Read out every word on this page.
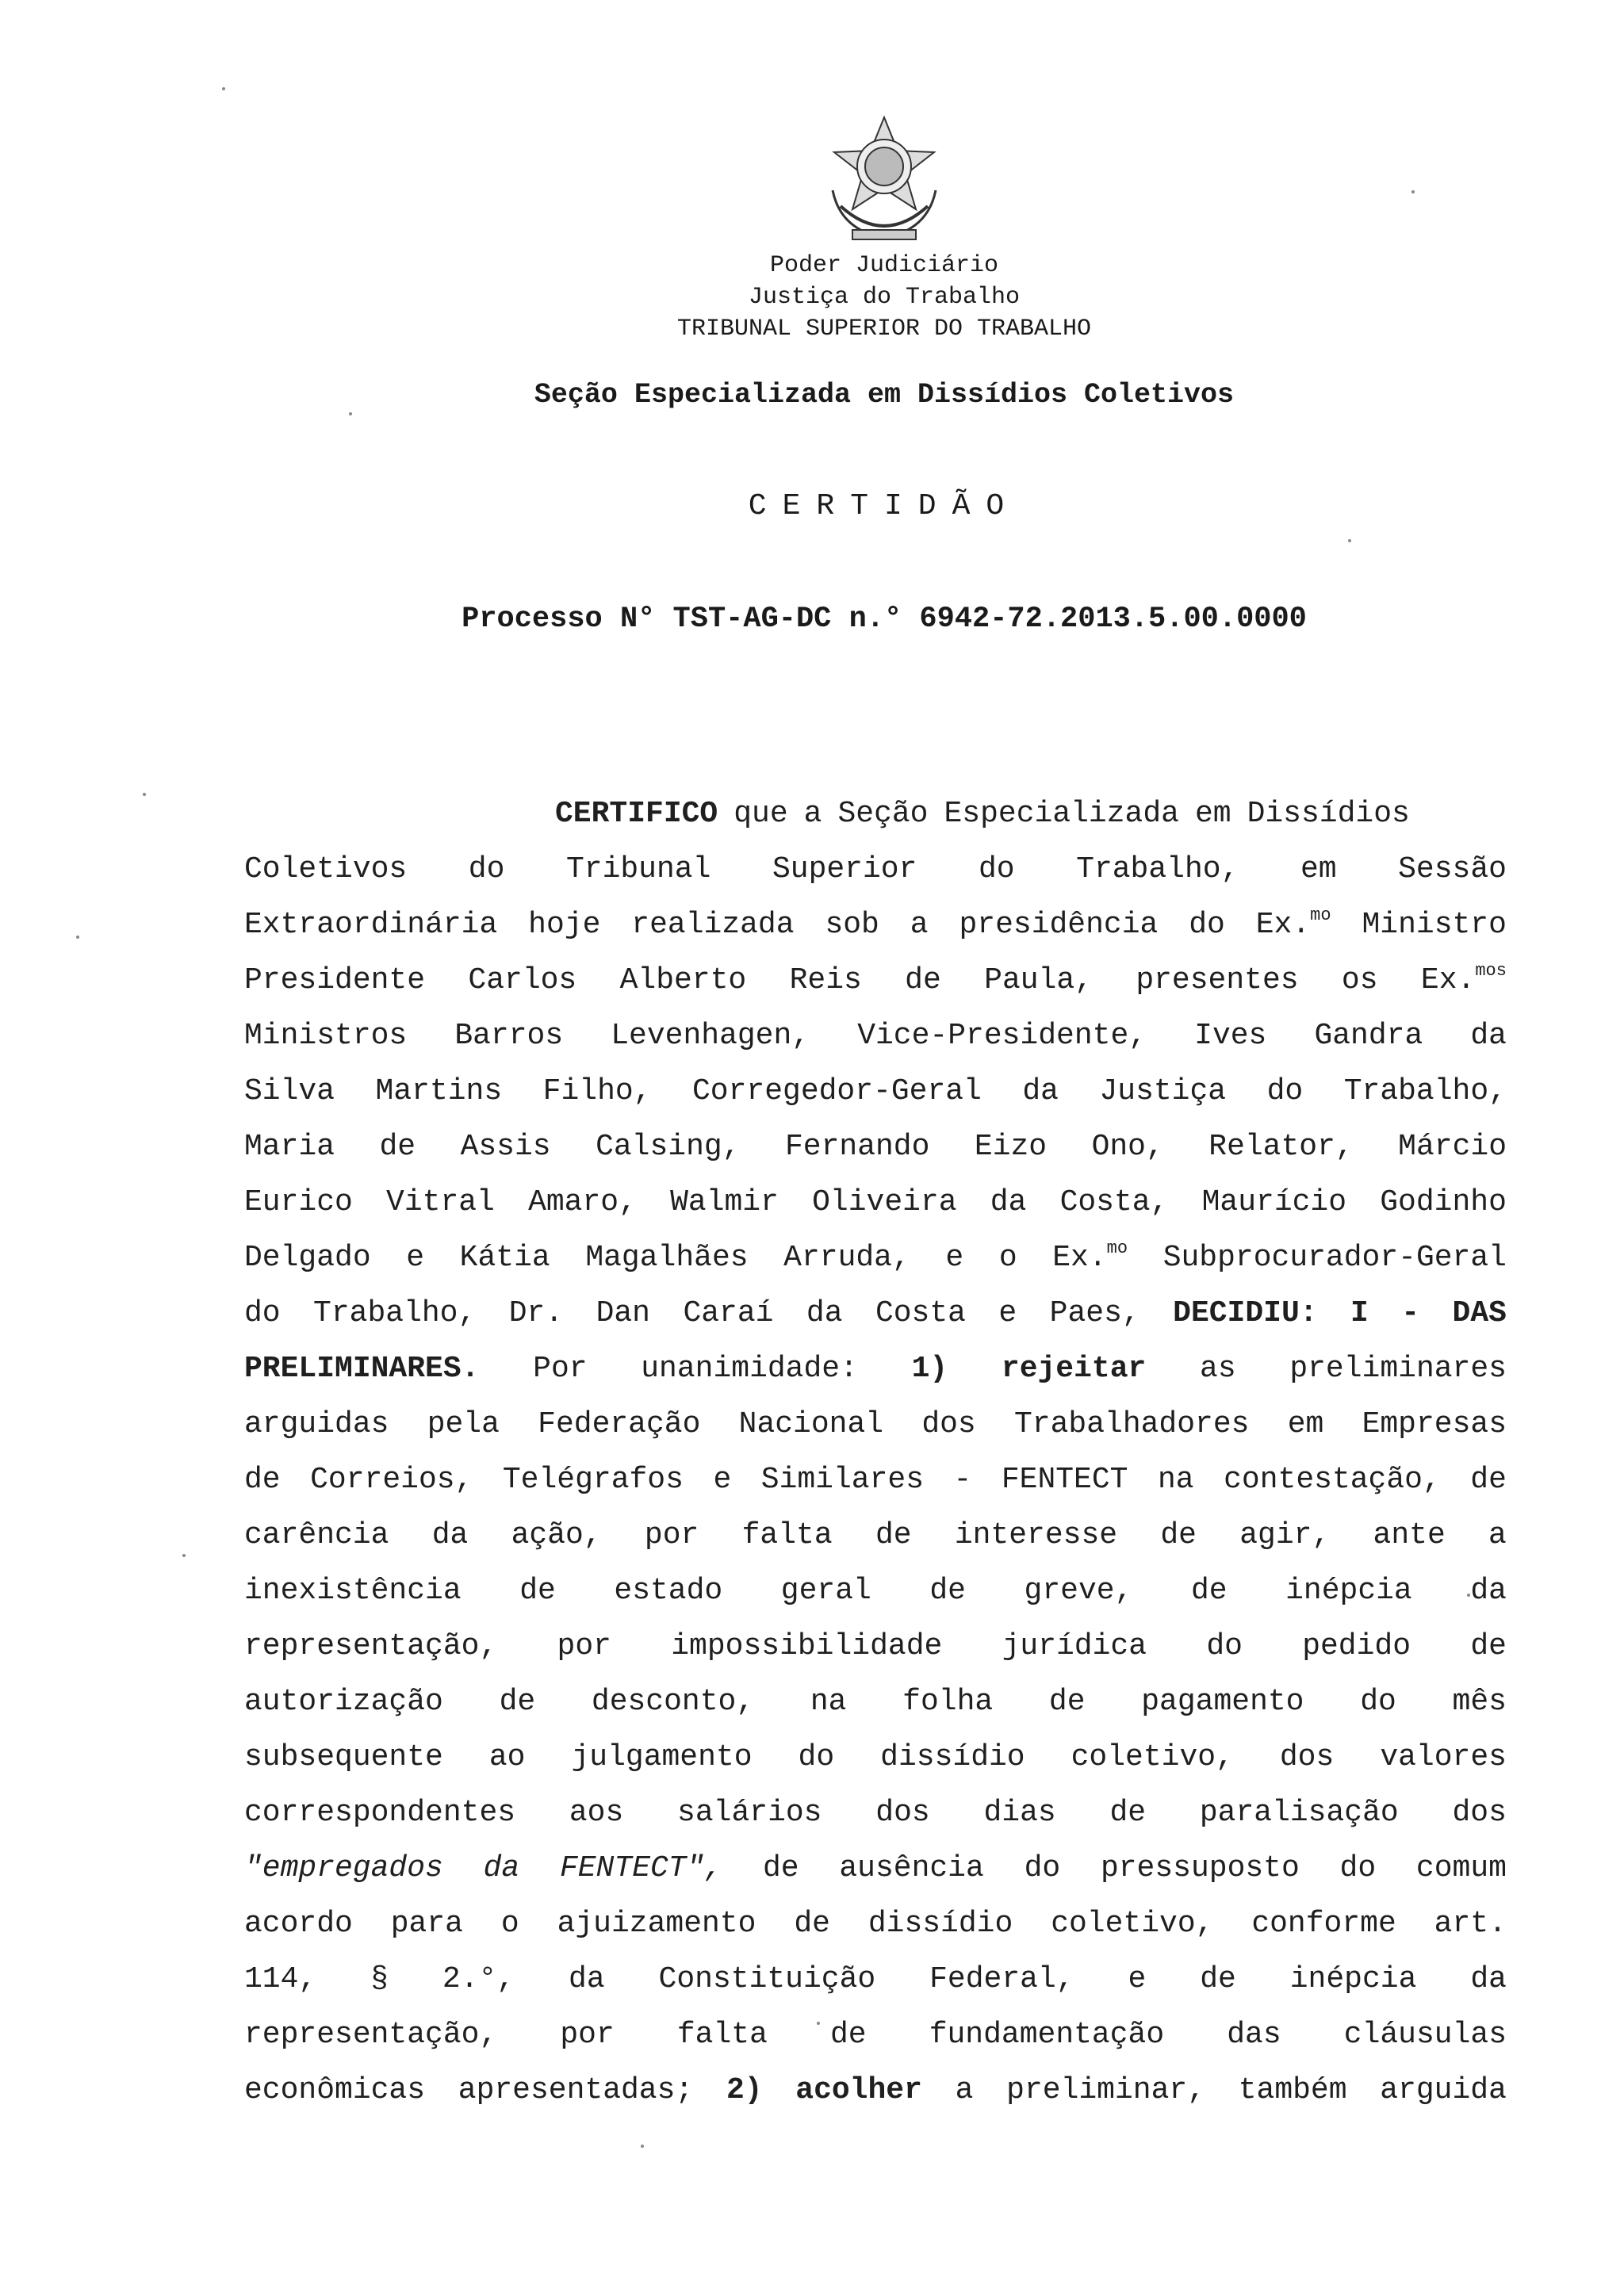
Poder Judiciário
Justiça do Trabalho
TRIBUNAL SUPERIOR DO TRABALHO
Seção Especializada em Dissídios Coletivos
CERTIDÃO
Processo N° TST-AG-DC n.° 6942-72.2013.5.00.0000
CERTIFICO que a Seção Especializada em Dissídios
Coletivos do Tribunal Superior do Trabalho, em Sessão
Extraordinária hoje realizada sob a presidência do Ex.$^{mo}$ Ministro
Presidente Carlos Alberto Reis de Paula, presentes os Ex.$^{mos}$
Ministros Barros Levenhagen, Vice-Presidente, Ives Gandra da
Silva Martins Filho, Corregedor-Geral da Justiça do Trabalho,
Maria de Assis Calsing, Fernando Eizo Ono, Relator, Márcio
Eurico Vitral Amaro, Walmir Oliveira da Costa, Maurício Godinho
Delgado e Kátia Magalhães Arruda, e o Ex.$^{mo}$ Subprocurador-Geral
do Trabalho, Dr. Dan Caraí da Costa e Paes, DECIDIU: I - DAS
PRELIMINARES. Por unanimidade: 1) rejeitar as preliminares
arguidas pela Federação Nacional dos Trabalhadores em Empresas
de Correios, Telégrafos e Similares - FENTECT na contestação, de
carência da ação, por falta de interesse de agir, ante a
inexistência de estado geral de greve, de inépcia da
representação, por impossibilidade jurídica do pedido de
autorização de desconto, na folha de pagamento do mês
subsequente ao julgamento do dissídio coletivo, dos valores
correspondentes aos salários dos dias de paralisação dos
"empregados da FENTECT", de ausência do pressuposto do comum
acordo para o ajuizamento de dissídio coletivo, conforme art.
114, § 2.°, da Constituição Federal, e de inépcia da
representação, por falta de fundamentação das cláusulas
econômicas apresentadas; 2) acolher a preliminar, também arguida
